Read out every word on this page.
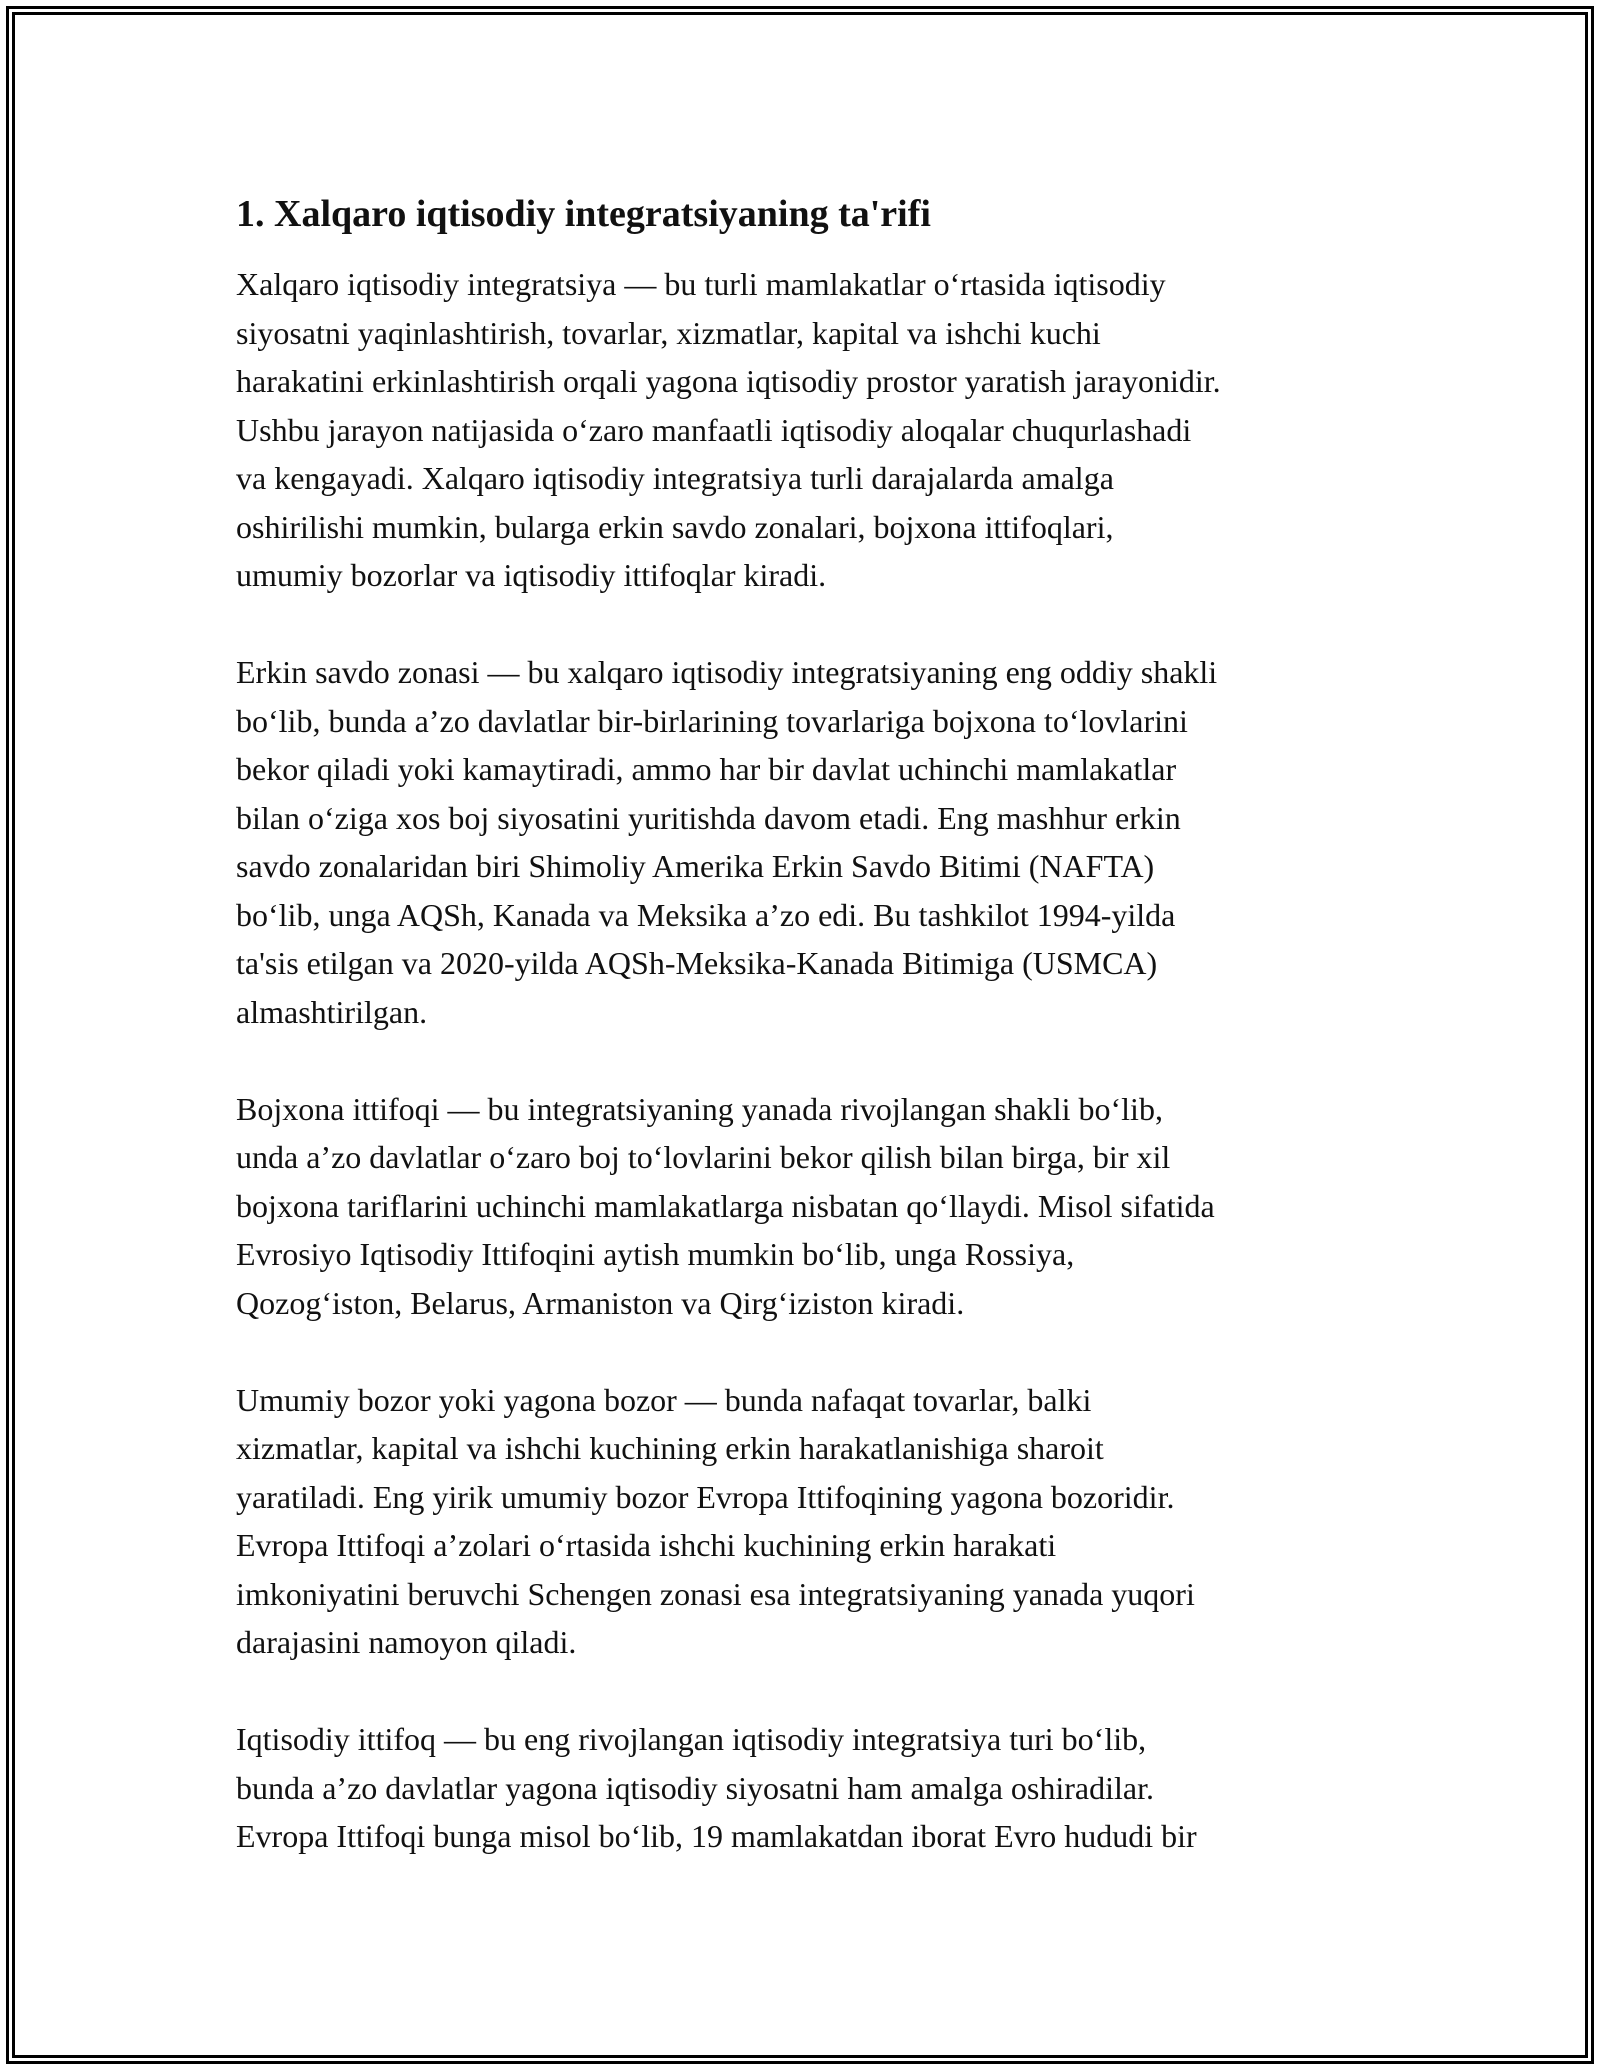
1. Xalqaro iqtisodiy integratsiyaning ta'rifi

Xalqaro iqtisodiy integratsiya — bu turli mamlakatlar o‘rtasida iqtisodiy
siyosatni yaqinlashtirish, tovarlar, xizmatlar, kapital va ishchi kuchi
harakatini erkinlashtirish orqali yagona iqtisodiy prostor yaratish jarayonidir.
Ushbu jarayon natijasida o‘zaro manfaatli iqtisodiy aloqalar chuqurlashadi
va kengayadi. Xalqaro iqtisodiy integratsiya turli darajalarda amalga
oshirilishi mumkin, bularga erkin savdo zonalari, bojxona ittifoqlari,
umumiy bozorlar va iqtisodiy ittifoqlar kiradi.

Erkin savdo zonasi — bu xalqaro iqtisodiy integratsiyaning eng oddiy shakli
bo‘lib, bunda a’zo davlatlar bir-birlarining tovarlariga bojxona to‘lovlarini
bekor qiladi yoki kamaytiradi, ammo har bir davlat uchinchi mamlakatlar
bilan o‘ziga xos boj siyosatini yuritishda davom etadi. Eng mashhur erkin
savdo zonalaridan biri Shimoliy Amerika Erkin Savdo Bitimi (NAFTA)
bo‘lib, unga AQSh, Kanada va Meksika a’zo edi. Bu tashkilot 1994-yilda
ta'sis etilgan va 2020-yilda AQSh-Meksika-Kanada Bitimiga (USMCA)
almashtirilgan.

Bojxona ittifoqi — bu integratsiyaning yanada rivojlangan shakli bo‘lib,
unda a’zo davlatlar o‘zaro boj to‘lovlarini bekor qilish bilan birga, bir xil
bojxona tariflarini uchinchi mamlakatlarga nisbatan qo‘llaydi. Misol sifatida
Evrosiyo Iqtisodiy Ittifoqini aytish mumkin bo‘lib, unga Rossiya,
Qozog‘iston, Belarus, Armaniston va Qirg‘iziston kiradi.

Umumiy bozor yoki yagona bozor — bunda nafaqat tovarlar, balki
xizmatlar, kapital va ishchi kuchining erkin harakatlanishiga sharoit
yaratiladi. Eng yirik umumiy bozor Evropa Ittifoqining yagona bozoridir.
Evropa Ittifoqi a’zolari o‘rtasida ishchi kuchining erkin harakati
imkoniyatini beruvchi Schengen zonasi esa integratsiyaning yanada yuqori
darajasini namoyon qiladi.

Iqtisodiy ittifoq — bu eng rivojlangan iqtisodiy integratsiya turi bo‘lib,
bunda a’zo davlatlar yagona iqtisodiy siyosatni ham amalga oshiradilar.
Evropa Ittifoqi bunga misol bo‘lib, 19 mamlakatdan iborat Evro hududi bir
